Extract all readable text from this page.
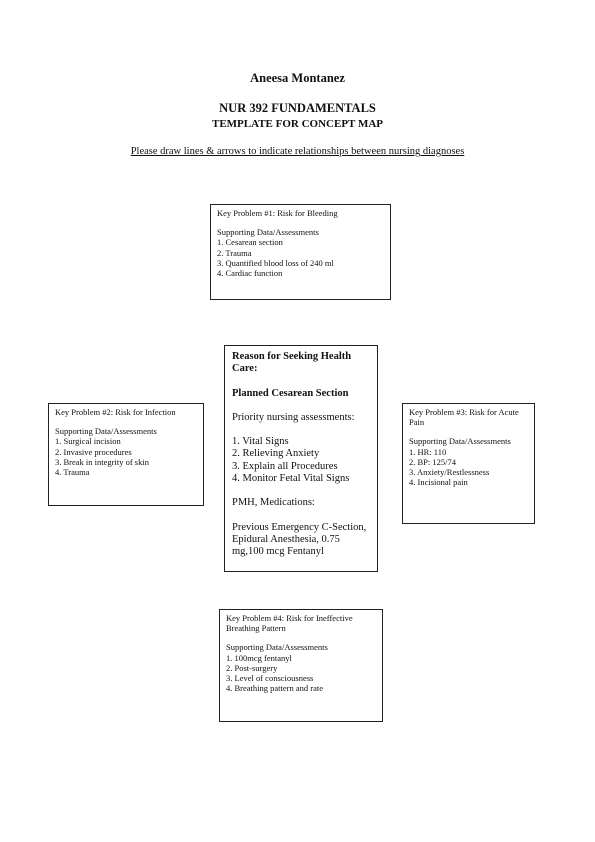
Aneesa Montanez
NUR 392 FUNDAMENTALS
TEMPLATE FOR CONCEPT MAP
Please draw lines & arrows to indicate relationships between nursing diagnoses
Key Problem #1: Risk for Bleeding
Supporting Data/Assessments
1. Cesarean section
2. Trauma
3. Quantified blood loss of 240 ml
4. Cardiac function
Key Problem #2: Risk for Infection
Supporting Data/Assessments
1. Surgical incision
2. Invasive procedures
3. Break in integrity of skin
4. Trauma
Reason for Seeking Health Care:
Planned Cesarean Section
Priority nursing assessments:
1. Vital Signs
2. Relieving Anxiety
3. Explain all Procedures
4. Monitor Fetal Vital Signs
PMH, Medications:
Previous Emergency C-Section, Epidural Anesthesia, 0.75 mg,100 mcg Fentanyl
Key Problem #3: Risk for Acute Pain
Supporting Data/Assessments
1. HR: 110
2. BP: 125/74
3. Anxiety/Restlessness
4. Incisional pain
Key Problem #4: Risk for Ineffective Breathing Pattern
Supporting Data/Assessments
1. 100mcg fentanyl
2. Post-surgery
3. Level of consciousness
4. Breathing pattern and rate
